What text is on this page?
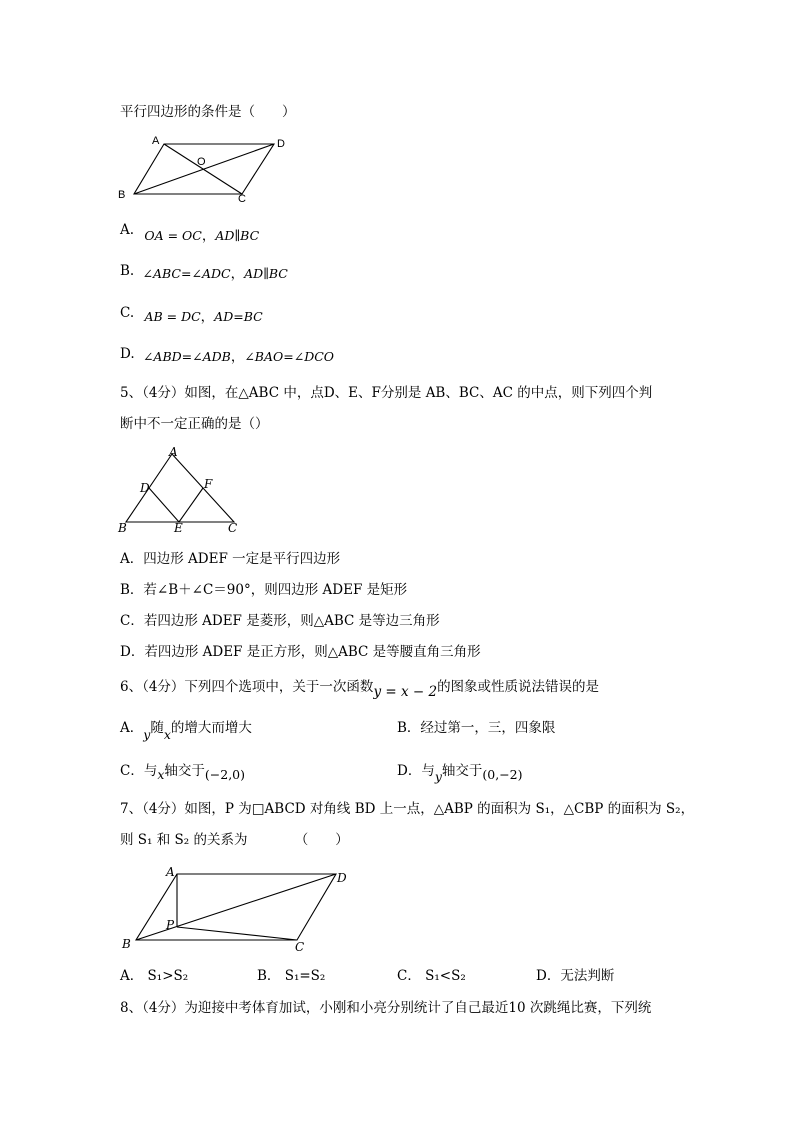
平行四边形的条件是（　　）
A	D
B	C
O
A. OA = OC，AD∥BC
B. ∠ABC=∠ADC，AD∥BC
C. AB = DC，AD=BC
D. ∠ABD=∠ADB，∠BAO=∠DCO
5、（4分）如图，在△ABC 中，点D、E、F分别是 AB、BC、AC 的中点，则下列四个判
断中不一定正确的是（）
A
B	C
D
E
F
A．四边形 ADEF 一定是平行四边形
B．若∠B＋∠C＝90°，则四边形 ADEF 是矩形
C．若四边形 ADEF 是菱形，则△ABC 是等边三角形
D．若四边形 ADEF 是正方形，则△ABC 是等腰直角三角形
6、（4分）下列四个选项中，关于一次函数y = x − 2的图象或性质说法错误的是
A．y随x的增大而增大	B．经过第一，三，四象限
C．与x轴交于(−2,0)	D．与y轴交于(0,−2)
7、（4分）如图，P 为□ABCD 对角线 BD 上一点，△ABP 的面积为 S₁，△CBP 的面积为 S₂，
则 S₁ 和 S₂ 的关系为　　　　（　　）
A	D
B	C
P
A． S₁>S₂	B． S₁=S₂	C． S₁<S₂	D．无法判断
8、（4分）为迎接中考体育加试，小刚和小亮分别统计了自己最近10 次跳绳比赛，下列统
